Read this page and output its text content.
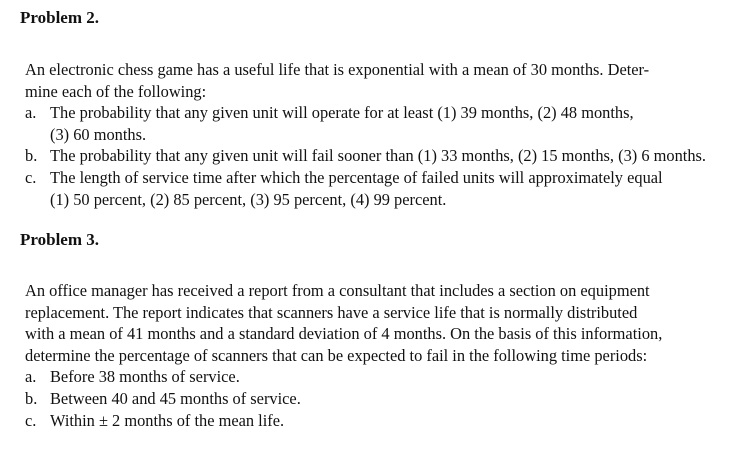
Problem 2.
An electronic chess game has a useful life that is exponential with a mean of 30 months. Deter-
mine each of the following:
a. The probability that any given unit will operate for at least (1) 39 months, (2) 48 months,
(3) 60 months.
b. The probability that any given unit will fail sooner than (1) 33 months, (2) 15 months, (3) 6 months.
c. The length of service time after which the percentage of failed units will approximately equal
(1) 50 percent, (2) 85 percent, (3) 95 percent, (4) 99 percent.
Problem 3.
An office manager has received a report from a consultant that includes a section on equipment
replacement. The report indicates that scanners have a service life that is normally distributed
with a mean of 41 months and a standard deviation of 4 months. On the basis of this information,
determine the percentage of scanners that can be expected to fail in the following time periods:
a. Before 38 months of service.
b. Between 40 and 45 months of service.
c. Within ± 2 months of the mean life.
